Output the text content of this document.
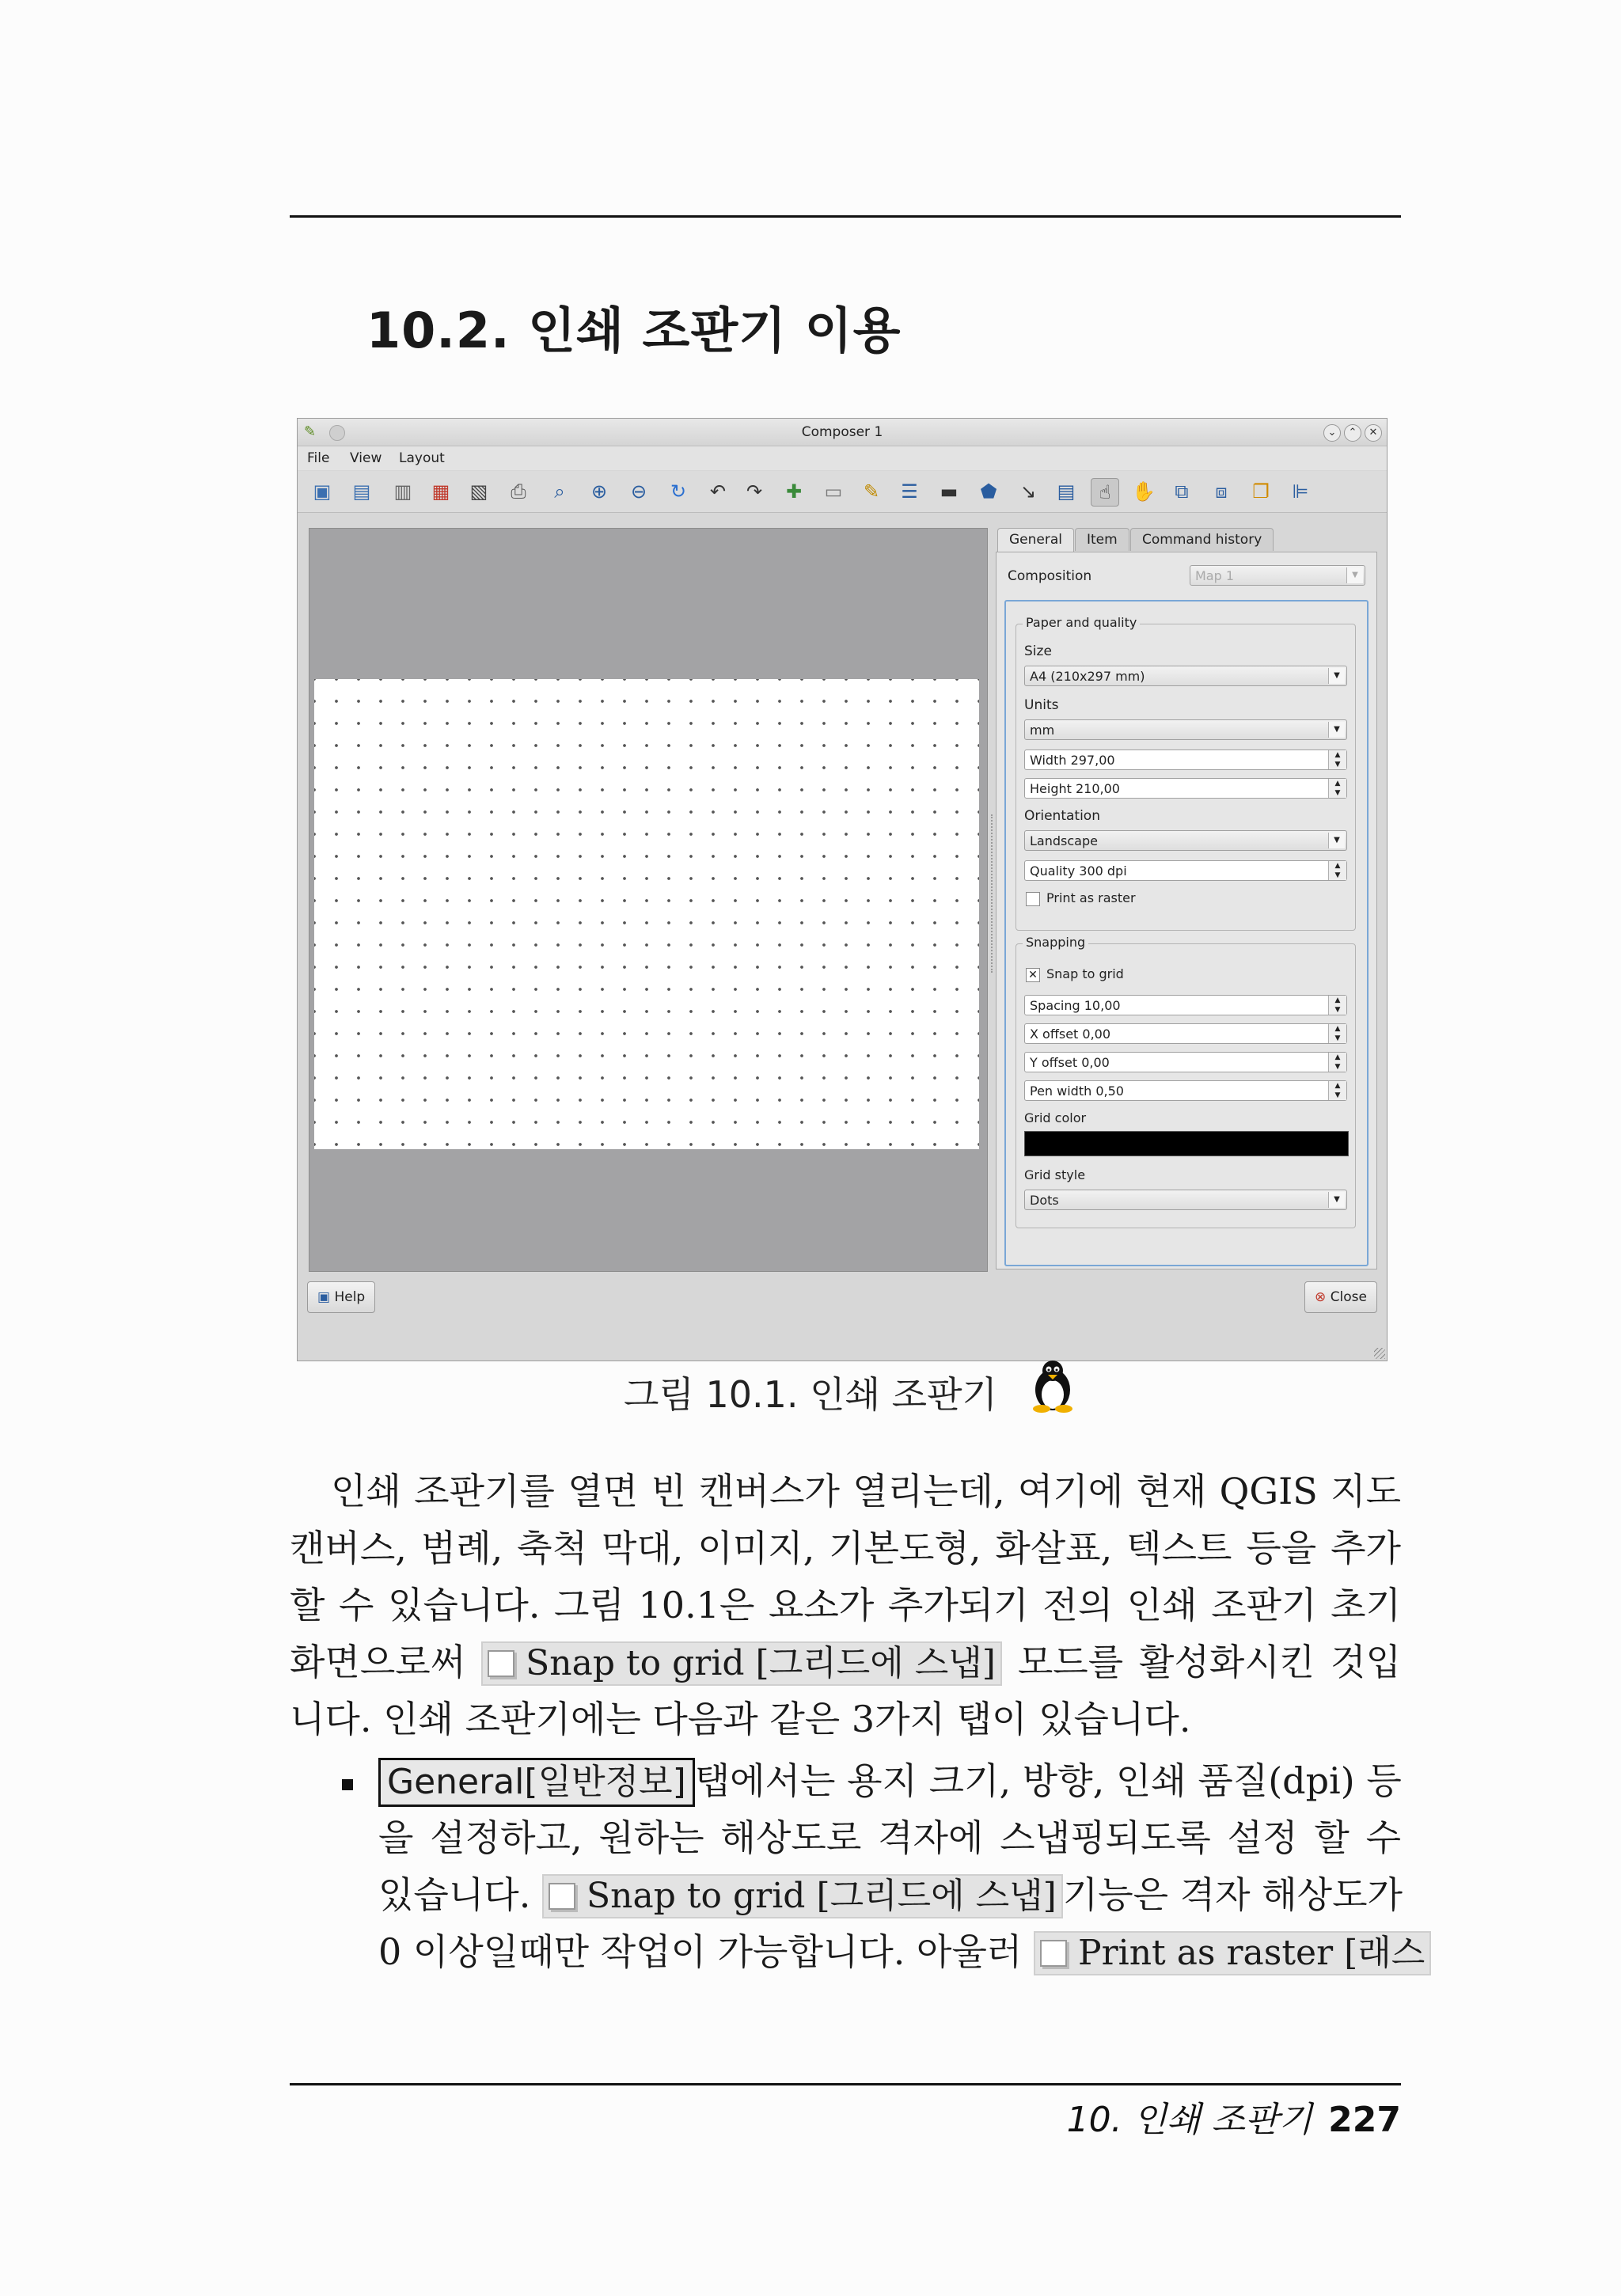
10.2. 인쇄 조판기 이용
✎	Composer 1	⌄	⌃	✕
File View Layout
▣ ▤ ▥ ▦ ▧	⎙	⌕	⊕ ⊖ ↻ ↶ ↷ ✚ ▭ ✎ ☰ ▬ ⬟ ↘ ▤	☝	✋	⧉	⧈	❐ ⊫
General	Item	Command history
Composition	Map 1	▼
Paper and quality
Size
A4 (210x297 mm)	▼
Units
mm	▼
Width 297,00	▲
▼
Height 210,00	▲
▼
Orientation
Landscape	▼
Quality 300 dpi	▲
▼
Print as raster
Snapping
✕ Snap to grid
Spacing 10,00	▲
▼
X offset 0,00	▲
▼
Y offset 0,00	▲
▼
Pen width 0,50	▲
▼
Grid color
Grid style
Dots	▼
▣ Help	⊗ Close
그림 10.1. 인쇄 조판기
인쇄 조판기를 열면 빈 캔버스가 열리는데, 여기에 현재 QGIS 지도
캔버스, 범례, 축척 막대, 이미지, 기본도형, 화살표, 텍스트 등을 추가
할 수 있습니다. 그림 10.1은 요소가 추가되기 전의 인쇄 조판기 초기
화면으로써 Snap to grid [그리드에 스냅] 모드를 활성화시킨 것입
니다. 인쇄 조판기에는 다음과 같은 3가지 탭이 있습니다.
General[일반정보] 탭에서는 용지 크기, 방향, 인쇄 품질(dpi) 등
을 설정하고, 원하는 해상도로 격자에 스냅핑되도록 설정 할 수
있습니다. Snap to grid [그리드에 스냅] 기능은 격자 해상도가
0 이상일때만 작업이 가능합니다. 아울러 Print as raster [래스
10. 인쇄 조판기 227
